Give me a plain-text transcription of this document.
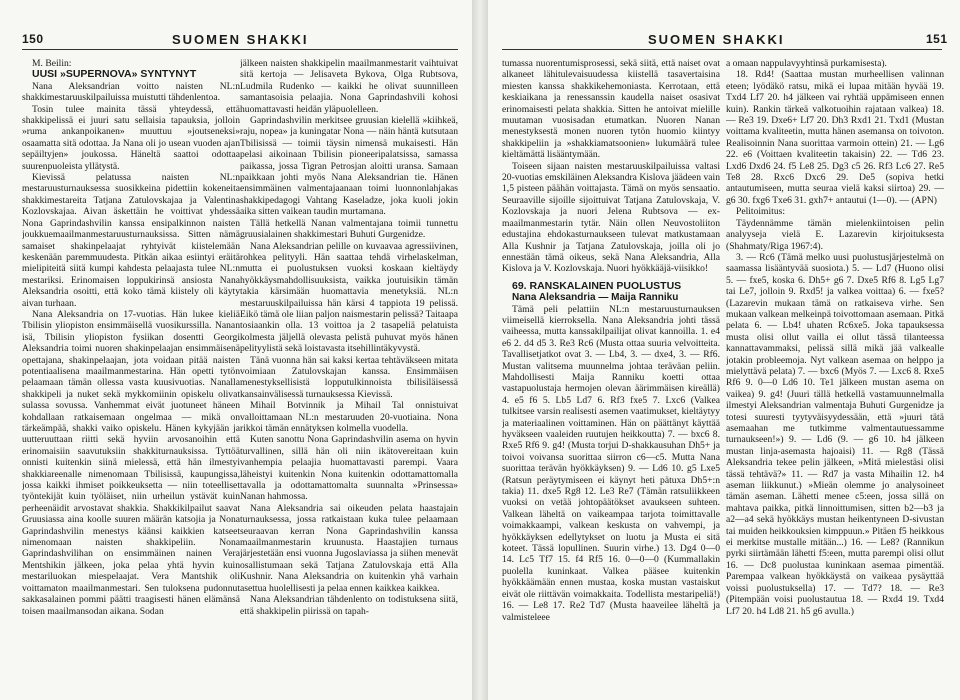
150	SUOMEN SHAKKI

M. Beilin:

UUSI »SUPERNOVA» SYNTYNYT

Nana Aleksandrian voitto naisten NL:n shakkimestaruuskilpailuissa muistutti tähdenlentoa.

Tosin tulee mainita tässä yhteydessä, että shakkipelissä ei juuri satu sellaisia tapauksia, jolloin »ruma ankanpoikanen» muuttuu »joutseneksi» osaamatta sitä odottaa. Ja Nana oli jo usean vuoden ajan sepäiltyjen» joukossa. Häneltä saattoi odottaa suurenpuoleista yllätystä.

Kievissä pelatussa naisten NL:n mestaruusturnauksessa suosikkeina pidettiin kokeneita shakkimestareita Tatjana Zatulovskajaa ja Valentina Kozlovskajaa. Aivan äskettäin he voittivat yhdessä Nona Gaprindashvilin kanssa ensipalkinnon naisten joukkuemaailmanmestaruusturnauksissa. Sitten nämä samaiset shakinpelaajat ryhtyivät kiistelemään keskenään paremmuudesta. Pitkän aikaa esiintyi eräitä mielipiteitä siitä kumpi kahdesta pelaajasta tulee NL:n mestariksi. Erinomaisen loppukirinsä ansiosta Nana Aleksandria osoitti, että koko tämä kiistely oli käyty aivan turhaan.

Nana Aleksandria on 17-vuotias. Hän lukee kieliä Tbilisin yliopiston ensimmäisellä vuosikurssilla. Nanan isä, Tbilisin yliopiston fysiikan dosentti Georgi Aleksandria toimi nuoren shakinpelaajan ensimmäisenä opettajana, shakinpelaajan, jota voidaan pitää naisten potentiaalisena maailmanmestarina. Hän opetti tytön pelaamaan tämän ollessa vasta kuusivuotias. Nanalla shakkipeli ja nuket sekä mykkomiinin opiskelu olivat sulassa sovussa. Vanhemmat eivät juotuneet häneen kohdallaan ratkaisemaan ongelmaa — mikä on tärkeämpää, shakki vaiko opiskelu. Hänen kykyjään ja uutteruuttaan riitti sekä hyviin arvosanoihin että erinomaisiin saavutuksiin shakkiturnauksissa. Tyttöä onnisti kuitenkin siinä mielessä, että hän ilmestyi shakkiareenalle nimenomaan Tbilisissä, kaupungissa, jossa kaikki ihmiset poikkeuksetta — niin toteelliset työntekijät kuin työläiset, niin urheilun ystävät kuin perheenäidit arvostavat shakkia. Shakkikilpailut saavat Gruusiassa aina koolle suuren määrän katsojia ja Nona Gaprindashvilin menestys käänsi kaikkien katseet nimenomaan naisten shakkipeliin. Nona Gaprindashvilihan on ensimmäinen nainen Vera Mentshikin jälkeen, joka pelaa yhtä hyvin kuin mestariluokan miespelaajat. Vera Mantshik oli voittamaton maailmanmestari. Sen tuloksena pudonnut sakkasalainen pommi päätti traagisesti hänen elämänsä toisen maailmansodan aikana. Sodan

jälkeen naisten shakkipelin maailmanmestarit vaihtuivat sitä kertoja — Jelisaveta Bykova, Olga Rubtsova, Ludmila Rudenko — kaikki he olivat suunnilleen samantasoisia pelaajia. Nona Gaprindashvili kohosi huomattavasti heidän yläpuolelleen.

Gaprindashvilin merkitsee gruusian kielellä »kiihkeä, raju, nopea» ja kuningatar Nona — näin häntä kutsutaan Tbilisissä — toimii täysin nimensä mukaisesti. Hän pelasi aikoinaan Tbilisin pioneeripalatsissa, samassa paikassa, jossa Tigran Petrosjan aloitti uransa. Samaan paikkaan johti myös Nana Aleksandrian tie. Hänen ensimmäinen valmentajaanaan toimi luonnonlahjakas shakkipedagogi Vahtang Kaseladze, joka kuoli jokin aika sitten vaikean taudin murtamana.

Tällä hetkellä Nanan valmentajana toimii tunnettu gruusialainen shakkimestari Buhuti Gurgenidze.

Nana Aleksandrian pelille on kuvaavaa agressiivinen, rohkea pelityyli. Hän saattaa tehdä virhelaskelman, mutta ei puolustuksen vuoksi koskaan kieltäydy hyökkäysmahdollisuuksista, vaikka joutuisikin tämän takia kärsimään huomattavia menetyksiä. NL:n mestaruuskilpailuissa hän kärsi 4 tappiota 19 pelissä. Eikö tämä ole liian paljon naismestarin pelissä? Taitaapa tosiaankin olla. 13 voittoa ja 2 tasapeliä pelatuista kolmesta jäljellä olevasta pelistä puhuvat myös hänen pelityylistä sekä loistavasta itsehillintäkyvystä.

Tänä vuonna hän sai kaksi kertaa tehtäväkseen mitata voimiaan Zatulovskajan kanssa. Ensimmäisen menestyksellisistä lopputulkinnoista tbilisiläisessä kansainvälisessä turnauksessa Kievissä.

Mihail Botvinnik ja Mihail Tal onnistuivat valloittamaan NL:n mestaruuden 20-vuotiaina. Nona rikkoi tämän ennätyksen kolmella vuodella.

Kuten sanottu Nona Gaprindashvilin asema on hyvin turvallinen, sillä hän oli niin ikätovereitaan kuin vanhempia pelaajia huomattavasti parempi. Vaara läheistyi kuitenkin Nona kuitenkin odottamattomalla tavalla ja odottamattomalta suunnalta »Prinsessa» Nanan hahmossa.

Nana Aleksandria sai oikeuden pelata haastajain turnauksessa, jossa ratkaistaan kuka tulee pelaamaan seuraavan kerran Nona Gaprindashvilin kanssa maailmanmestarin kruunusta. Haastajien turnaus järjestetään ensi vuonna Jugoslaviassa ja siihen menevät osallistumaan sekä Tatjana Zatulovskaja että Alla Kushnir. Nana Aleksandria on kuitenkin yhä varhain asettua huolellisesti ja pelaa ennen kaikkea kaikkea.

Nana Aleksandrian tähdenlento on todistuksena siitä, että shakkipelin piirissä on tapah-

SUOMEN SHAKKI	151

tumassa nuorentumisprosessi, sekä siitä, että naiset ovat alkaneet lähitulevaisuudessa kiistellä tasavertaisina miesten kanssa shakkikehemoniasta. Kerrotaan, että keskiaikana ja renessanssin kaudella naiset osasivat erinomaisesti pelata shakkia. Sitten he antoivat mielille muutaman vuosisadan etumatkan. Nuoren Nanan menestyksestä monen nuoren tytön huomio kiintyy shakkipeliin ja »shakkiamatsoonien» lukumäärä tulee kieltämättä lisääntymään.

Toiseen sijaan naisten mestaruuskilpailuissa valtasi 20-vuotias emskiläinen Aleksandra Kislova jäädeen vain 1,5 pisteen päähän voittajasta. Tämä on myös sensaatio. Seuraaville sijoille sijoittuivat Tatjana Zatulovskaja, V. Kozlovskaja ja nuori Jelena Rubtsova — ex-maailmanmestarin tytär. Näin ollen Neuvostoliiton edustajina ehdokasturnaukseen tulevat matkustamaan Alla Kushnir ja Tatjana Zatulovskaja, joilla oli jo ennestään tämä oikeus, sekä Nana Aleksandria, Alla Kislova ja V. Kozlovskaja. Nuori hyökkääjä-viisikko!

69. RANSKALAINEN PUOLUSTUS

Nana Aleksandria — Maija Ranniku

Tämä peli pelattiin NL:n mestaruusturnauksen viimeisellä kierroksella. Nana Aleksandria johti tässä vaiheessa, mutta kanssakilpailijat olivat kannoilla. 1. e4 e6 2. d4 d5 3. Re3 Rc6 (Musta ottaa suuria velvoitteita. Tavallisetjatkot ovat 3. — Lb4, 3. — dxe4, 3. — Rf6. Mustan valitsema muunnelma johtaa teräväan peliin. Mahdollisesti Maija Ranniku koetti ottaa vastapuolustaja hermojen olevan äärimmäisen kireällä) 4. e5 f6 5. Lb5 Ld7 6. Rf3 fxe5 7. Lxc6 (Valkea tulkitsee varsin realisesti asemen vaatimukset, kieltäytyy ja materiaalinen voittaminen. Hän on päättänyt käyttää hyväkseen vaaleiden ruutujen heikkoutta) 7. — bxc6 8. Rxe5 Rf6 9. g4! (Musta torjui D-shakkausuhan Dh5+ ja toivoi voivansa suorittaa siirron c6—c5. Mutta Nana suorittaa terävän hyökkäyksen) 9. — Ld6 10. g5 Lxe5 (Ratsun peräytymiseen ei käynyt heti pätuxa Dh5+:n takia) 11. dxe5 Rg8 12. Le3 Re7 (Tämän ratsuliikkeen vuoksi on vetää johtopäätökset avaukseen suhteen. Valkean läheltä on vaikeampaa tarjota toimittavalle voimakkaampi, valkean keskusta on vahvempi, ja hyökkäyksen edellytykset on luotu ja Musta ei sitä koteet. Tässä lopullinen. Suurin virhe.) 13. Dg4 0—0 14. Lc5 Tf7 15. f4 Rf5 16. 0—0—0 (Kummallakin puolella kuninkaat. Valkea pääsee kuitenkin hyökkäämään ennen mustaa, koska mustan vastaiskut eivät ole riittävän voimakkaita. Todellista mestaripeliä!) 16. — Le8 17. Re2 Td7 (Musta haaveilee läheltä ja valmisteleee

a omaan nappulavyyhtinsä purkamisesta).

18. Rd4! (Saattaa mustan murheellisen valinnan eteen; lyödäkö ratsu, mikä ei lupaa mitään hyvää 19. Txd4 Lf7 20. h4 jälkeen vai ryhtää uppämiseen ennen kuin). Rankin tärkeä valkotuoihin rajataan valkea) 18. — Re3 19. Dxe6+ Lf7 20. Dh3 Rxd1 21. Txd1 (Mustan voittama kvaliteetin, mutta hänen asemansa on toivoton. Realisoinnin Nana suorittaa varmoin ottein) 21. — Lg6 22. e6 (Voittaen kvaliteetin takaisin) 22. — Td6 23. Lxd6 Dxd6 24. f5 Le8 25. Dg3 c5 26. Rf3 Lc6 27. Re5 Te8 28. Rxc6 Dxc6 29. De5 (sopiva hetki antautumiseen, mutta seuraa vielä kaksi siirtoa) 29. — g6 30. fxg6 Txe6 31. gxh7+ antautui (1—0). — (APN)

Pelitoimitus:

Täydennämme tämän mielenkiintoisen pelin analyyseja vielä E. Lazarevin kirjoituksesta (Shahmaty/Riga 1967:4).

3. — Rc6 (Tämä melko uusi puolustusjärjestelmä on saamassa lisääntyvää suosiota.) 5. — Ld7 (Huono olisi 5. — fxe5, koska 6. Dh5+ g6 7. Dxe5 Rf6 8. Lg5 Lg7 tai Le7, jolloin 9. Rxd5! ja valkea voittaa) 6. — fxe5? (Lazarevin mukaan tämä on ratkaiseva virhe. Sen mukaan valkean melkeinpä toivottomaan asemaan. Pitkä pelata 6. — Lb4! uhaten Rc6xe5. Joka tapauksessa musta olisi ollut vailla ei ollut tässä tilanteessa kannattavammaksi, pelissä sillä mikä jää valkealle jotakin probleemoja. Nyt valkean asemaa on helppo ja mielyttävä pelata) 7. — bxc6 (Myös 7. — Lxc6 8. Rxe5 Rf6 9. 0—0 Ld6 10. Te1 jälkeen mustan asema on vaikea) 9. g4! (Juuri tällä hetkellä vastamuunnelmalla ilmestyi Aleksandrian valmentaja Buhuti Gurgenidze ja totesi suuresti tyytyväisyydessään, että »juuri tätä asemaahan me tutkimme valmentautuessamme turnaukseen!») 9. — Ld6 (9. — g6 10. h4 jälkeen mustan linja-asemasta hajoaisi) 11. — Rg8 (Tässä Aleksandria tekee pelin jälkeen, »Mitä mielestäsi olisi tässä tehtävä?» 11. — Rd7 ja vasta Mihailin 12. h4 aseman liikkunut.) »Mieän olemme jo analysoineet tämän aseman. Lähetti menee c5:een, jossa sillä on mahtava paikka, pitkä linnoittumisen, sitten b2—b3 ja a2—a4 sekä hyökkäys mustan heikentyneen D-sivustan tai muiden heikkouksien kimppuun.» Pitäen f5 heikkous ei merkitse mustalle mitään...) 16. — Le8? (Rannikun pyrki siirtämään lähetti f5:een, mutta parempi olisi ollut 16. — Dc8 puolustaa kuninkaan asemaa pimentää. Parempaa valkean hyökkäystä on vaikeaa pysäyttää voissi puolustuksella) 17. — Td7? 18. — Re3 (Pitempään voisi puolustautua 18. — Rxd4 19. Txd4 Lf7 20. h4 Ld8 21. h5 g6 avulla.)
